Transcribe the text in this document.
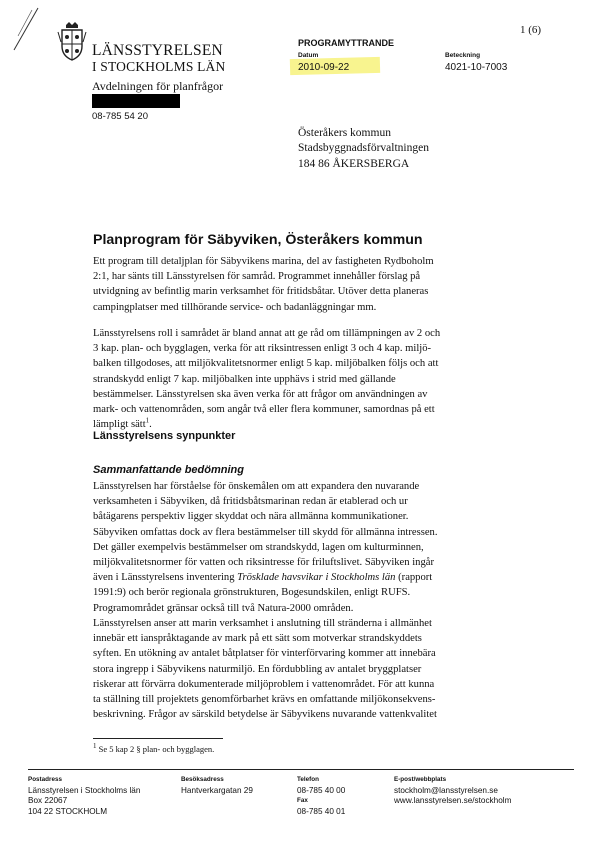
LÄNSSTYRELSEN
I STOCKHOLMS LÄN
Avdelningen för planfrågor
08-785 54 20
1 (6)
PROGRAMYTTRANDE
Datum
2010-09-22
Beteckning
4021-10-7003
Österåkers kommun
Stadsbyggnadsförvaltningen
184 86 ÅKERSBERGA
Planprogram för Säbyviken, Österåkers kommun
Ett program till detaljplan för Säbyvikens marina, del av fastigheten Rydboholm
2:1, har sänts till Länsstyrelsen för samråd. Programmet innehåller förslag på
utvidgning av befintlig marin verksamhet för fritidsbåtar. Utöver detta planeras
campingplatser med tillhörande service- och badanläggningar mm.
Länsstyrelsens roll i samrådet är bland annat att ge råd om tillämpningen av 2 och
3 kap. plan- och bygglagen, verka för att riksintressen enligt 3 och 4 kap. miljö-
balken tillgodoses, att miljökvalitetsnormer enligt 5 kap. miljöbalken följs och att
strandskydd enligt 7 kap. miljöbalken inte upphävs i strid med gällande
bestämmelser. Länsstyrelsen ska även verka för att frågor om användningen av
mark- och vattenområden, som angår två eller flera kommuner, samordnas på ett
lämpligt sätt$^1$.
Länsstyrelsens synpunkter
Sammanfattande bedömning
Länsstyrelsen har förståelse för önskemålen om att expandera den nuvarande
verksamheten i Säbyviken, då fritidsbåtsmarinan redan är etablerad och ur
båtägarens perspektiv ligger skyddat och nära allmänna kommunikationer.
Säbyviken omfattas dock av flera bestämmelser till skydd för allmänna intressen.
Det gäller exempelvis bestämmelser om strandskydd, lagen om kulturminnen,
miljökvalitetsnormer för vatten och riksintresse för friluftslivet. Säbyviken ingår
även i Länsstyrelsens inventering Trösklade havsvikar i Stockholms län (rapport
1991:9) och berör regionala grönstrukturen, Bogesundskilen, enligt RUFS.
Programområdet gränsar också till två Natura-2000 områden.
Länsstyrelsen anser att marin verksamhet i anslutning till stränderna i allmänhet
innebär ett ianspråktagande av mark på ett sätt som motverkar strandskyddets
syften. En utökning av antalet båtplatser för vinterförvaring kommer att innebära
stora ingrepp i Säbyvikens naturmiljö. En fördubbling av antalet bryggplatser
riskerar att förvärra dokumenterade miljöproblem i vattenområdet. För att kunna
ta ställning till projektets genomförbarhet krävs en omfattande miljökonsekvens-
beskrivning. Frågor av särskild betydelse är Säbyvikens nuvarande vattenkvalitet
$^1$ Se 5 kap 2 § plan- och bygglagen.
Postadress
Länsstyrelsen i Stockholms län
Box 22067
104 22 STOCKHOLM
Besöksadress
Hantverkargatan 29
Telefon
08-785 40 00
Fax
08-785 40 01
E-post/webbplats
stockholm@lansstyrelsen.se
www.lansstyrelsen.se/stockholm
